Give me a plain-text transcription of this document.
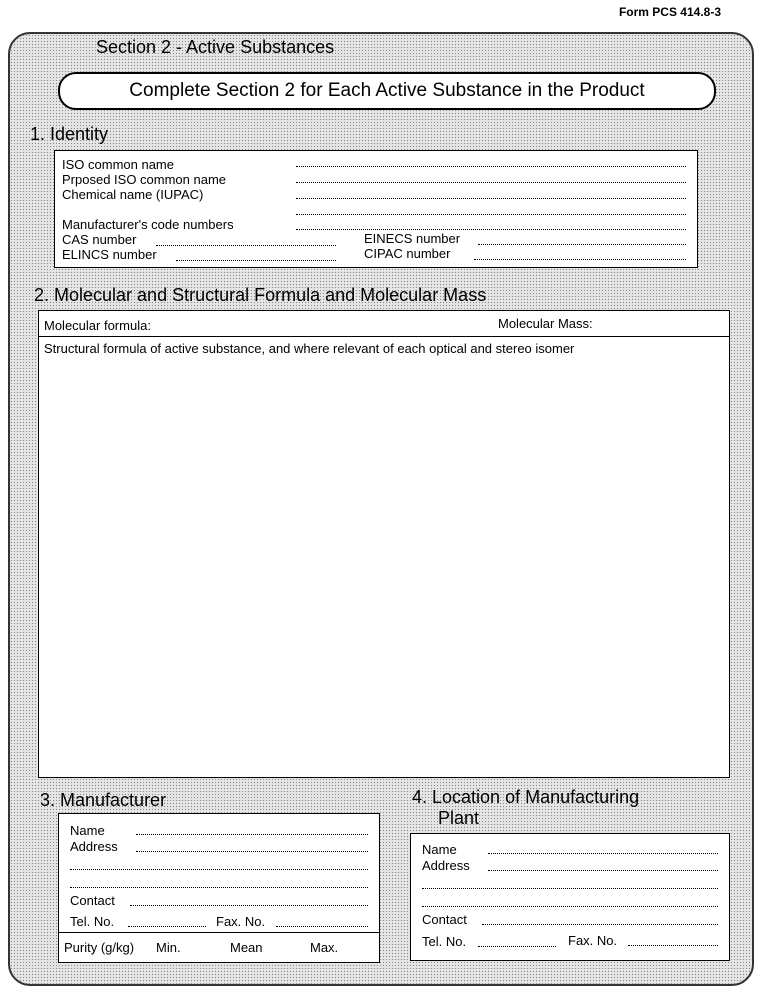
Form PCS 414.8-3
Section 2 - Active Substances
Complete Section 2 for Each Active Substance in the Product
1. Identity
ISO common name
Prposed ISO common name
Chemical name (IUPAC)
Manufacturer's code numbers
CAS number	EINECS number
ELINCS number	CIPAC number
2. Molecular and Structural Formula and Molecular Mass
Molecular formula:	Molecular Mass:
Structural formula of active substance, and where relevant of each optical and stereo isomer
3. Manufacturer
Name
Address
Contact
Tel. No.	Fax. No.
Purity (g/kg) Min.	Mean	Max.
4. Location of Manufacturing
Plant
Name
Address
Contact
Tel. No.	Fax. No.
